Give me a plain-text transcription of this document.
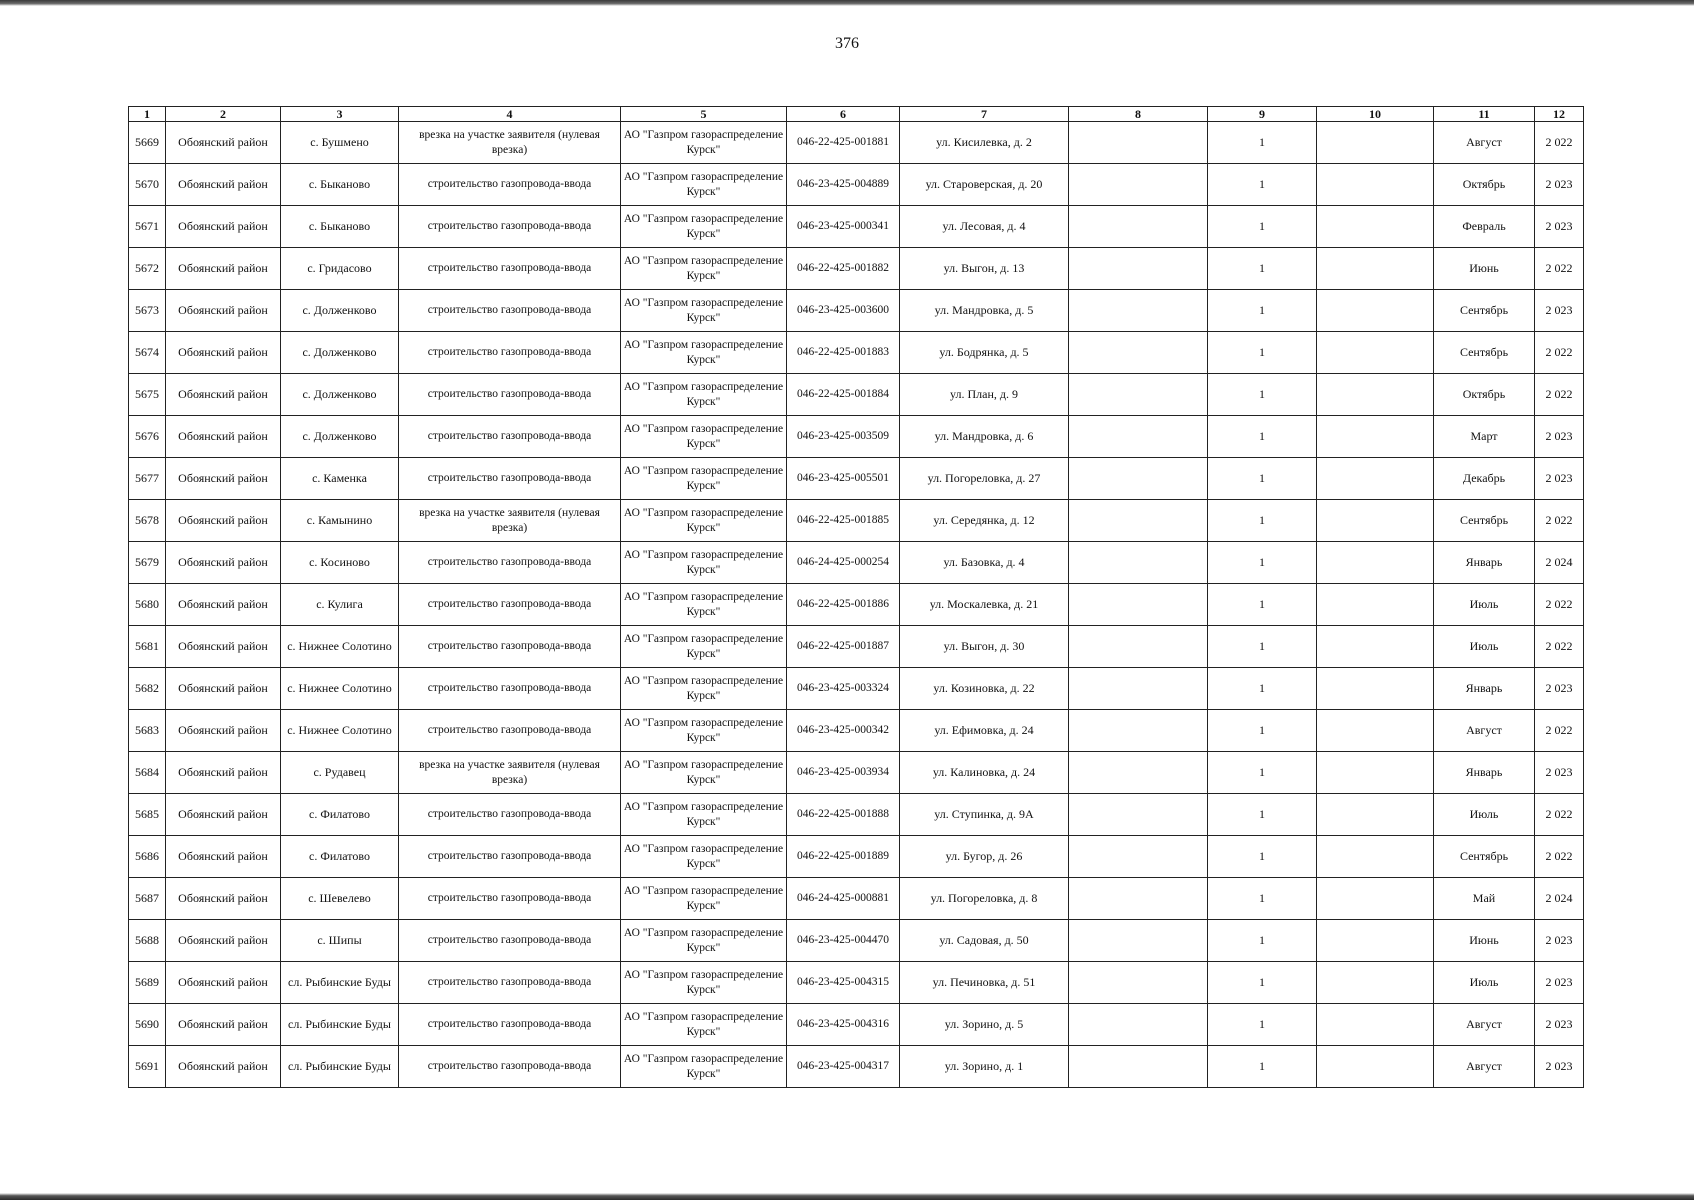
376
1	2	3	4	5	6	7	8	9	10	11	12
5669	Обоянский район	с. Бушмено	врезка на участке заявителя (нулевая врезка)	АО "Газпром газораспределение Курск"	046-22-425-001881	ул. Кисилевка, д. 2		1		Август	2 022
5670	Обоянский район	с. Быканово	строительство газопровода-ввода	АО "Газпром газораспределение Курск"	046-23-425-004889	ул. Староверская, д. 20		1		Октябрь	2 023
5671	Обоянский район	с. Быканово	строительство газопровода-ввода	АО "Газпром газораспределение Курск"	046-23-425-000341	ул. Лесовая, д. 4		1		Февраль	2 023
5672	Обоянский район	с. Гридасово	строительство газопровода-ввода	АО "Газпром газораспределение Курск"	046-22-425-001882	ул. Выгон, д. 13		1		Июнь	2 022
5673	Обоянский район	с. Долженково	строительство газопровода-ввода	АО "Газпром газораспределение Курск"	046-23-425-003600	ул. Мандровка, д. 5		1		Сентябрь	2 023
5674	Обоянский район	с. Долженково	строительство газопровода-ввода	АО "Газпром газораспределение Курск"	046-22-425-001883	ул. Бодрянка, д. 5		1		Сентябрь	2 022
5675	Обоянский район	с. Долженково	строительство газопровода-ввода	АО "Газпром газораспределение Курск"	046-22-425-001884	ул. План, д. 9		1		Октябрь	2 022
5676	Обоянский район	с. Долженково	строительство газопровода-ввода	АО "Газпром газораспределение Курск"	046-23-425-003509	ул. Мандровка, д. 6		1		Март	2 023
5677	Обоянский район	с. Каменка	строительство газопровода-ввода	АО "Газпром газораспределение Курск"	046-23-425-005501	ул. Погореловка, д. 27		1		Декабрь	2 023
5678	Обоянский район	с. Камынино	врезка на участке заявителя (нулевая врезка)	АО "Газпром газораспределение Курск"	046-22-425-001885	ул. Середянка, д. 12		1		Сентябрь	2 022
5679	Обоянский район	с. Косиново	строительство газопровода-ввода	АО "Газпром газораспределение Курск"	046-24-425-000254	ул. Базовка, д. 4		1		Январь	2 024
5680	Обоянский район	с. Кулига	строительство газопровода-ввода	АО "Газпром газораспределение Курск"	046-22-425-001886	ул. Москалевка, д. 21		1		Июль	2 022
5681	Обоянский район	с. Нижнее Солотино	строительство газопровода-ввода	АО "Газпром газораспределение Курск"	046-22-425-001887	ул. Выгон, д. 30		1		Июль	2 022
5682	Обоянский район	с. Нижнее Солотино	строительство газопровода-ввода	АО "Газпром газораспределение Курск"	046-23-425-003324	ул. Козиновка, д. 22		1		Январь	2 023
5683	Обоянский район	с. Нижнее Солотино	строительство газопровода-ввода	АО "Газпром газораспределение Курск"	046-23-425-000342	ул. Ефимовка, д. 24		1		Август	2 022
5684	Обоянский район	с. Рудавец	врезка на участке заявителя (нулевая врезка)	АО "Газпром газораспределение Курск"	046-23-425-003934	ул. Калиновка, д. 24		1		Январь	2 023
5685	Обоянский район	с. Филатово	строительство газопровода-ввода	АО "Газпром газораспределение Курск"	046-22-425-001888	ул. Ступинка, д. 9А		1		Июль	2 022
5686	Обоянский район	с. Филатово	строительство газопровода-ввода	АО "Газпром газораспределение Курск"	046-22-425-001889	ул. Бугор, д. 26		1		Сентябрь	2 022
5687	Обоянский район	с. Шевелево	строительство газопровода-ввода	АО "Газпром газораспределение Курск"	046-24-425-000881	ул. Погореловка, д. 8		1		Май	2 024
5688	Обоянский район	с. Шипы	строительство газопровода-ввода	АО "Газпром газораспределение Курск"	046-23-425-004470	ул. Садовая, д. 50		1		Июнь	2 023
5689	Обоянский район	сл. Рыбинские Буды	строительство газопровода-ввода	АО "Газпром газораспределение Курск"	046-23-425-004315	ул. Печиновка, д. 51		1		Июль	2 023
5690	Обоянский район	сл. Рыбинские Буды	строительство газопровода-ввода	АО "Газпром газораспределение Курск"	046-23-425-004316	ул. Зорино, д. 5		1		Август	2 023
5691	Обоянский район	сл. Рыбинские Буды	строительство газопровода-ввода	АО "Газпром газораспределение Курск"	046-23-425-004317	ул. Зорино, д. 1		1		Август	2 023
